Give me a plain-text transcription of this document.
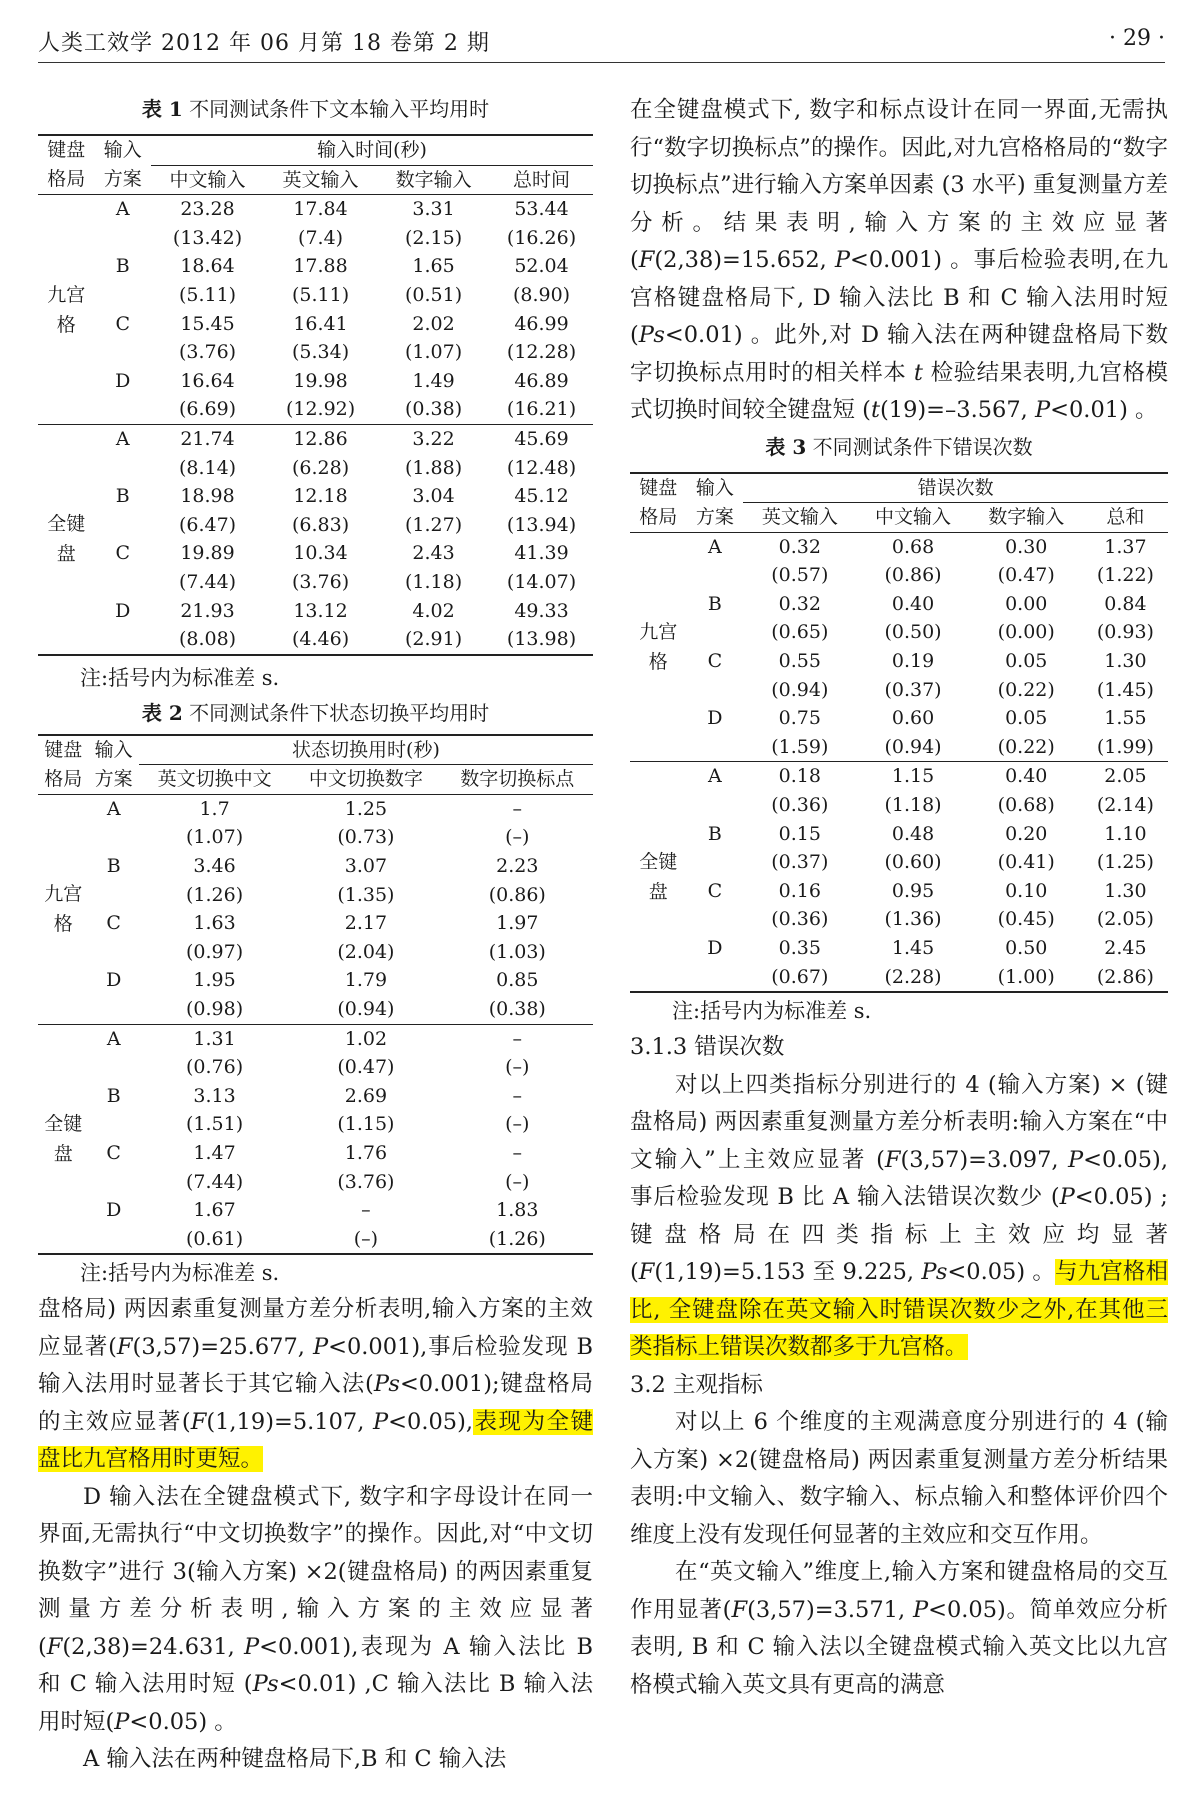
人类工效学 2012 年 06 月第 18 卷第 2 期	· 29 ·
表 1 不同测试条件下文本输入平均用时
键盘	输入	输入时间(秒)			
格局	方案	中文输入	英文输入	数字输入	总时间

九宫
格	A	23.28	17.84	3.31	53.44
		(13.42)	(7.4)	(2.15)	(16.26)
	B	18.64	17.88	1.65	52.04
		(5.11)	(5.11)	(0.51)	(8.90)
	C	15.45	16.41	2.02	46.99
		(3.76)	(5.34)	(1.07)	(12.28)
	D	16.64	19.98	1.49	46.89
		(6.69)	(12.92)	(0.38)	(16.21)

全键
盘	A	21.74	12.86	3.22	45.69
		(8.14)	(6.28)	(1.88)	(12.48)
	B	18.98	12.18	3.04	45.12
		(6.47)	(6.83)	(1.27)	(13.94)
	C	19.89	10.34	2.43	41.39
		(7.44)	(3.76)	(1.18)	(14.07)
	D	21.93	13.12	4.02	49.33
		(8.08)	(4.46)	(2.91)	(13.98)
注:括号内为标准差 s.
表 2 不同测试条件下状态切换平均用时
键盘	输入	状态切换用时(秒)		
格局	方案	英文切换中文	中文切换数字	数字切换标点

九宫
格	A	1.7	1.25	–
		(1.07)	(0.73)	(–)
	B	3.46	3.07	2.23
		(1.26)	(1.35)	(0.86)
	C	1.63	2.17	1.97
		(0.97)	(2.04)	(1.03)
	D	1.95	1.79	0.85
		(0.98)	(0.94)	(0.38)

全键
盘	A	1.31	1.02	–
		(0.76)	(0.47)	(–)
	B	3.13	2.69	–
		(1.51)	(1.15)	(–)
	C	1.47	1.76	–
		(7.44)	(3.76)	(–)
	D	1.67	–	1.83
		(0.61)	(–)	(1.26)
注:括号内为标准差 s.

盘格局) 两因素重复测量方差分析表明,输入方案的主效应显著(F(3,57)=25.677, P<0.001),事后检验发现 B 输入法用时显著长于其它输入法(Ps<0.001);键盘格局的主效应显著(F(1,19)=5.107, P<0.05),表现为全键盘比九宫格用时更短。

D 输入法在全键盘模式下, 数字和字母设计在同一界面,无需执行“中文切换数字”的操作。因此,对“中文切换数字”进行 3(输入方案) ×2(键盘格局) 的两因素重复测量方差分析表明,输入方案的主效应显著(F(2,38)=24.631, P<0.001),表现为 A 输入法比 B 和 C 输入法用时短 (Ps<0.01) ,C 输入法比 B 输入法用时短(P<0.05) 。

A 输入法在两种键盘格局下,B 和 C 输入法

在全键盘模式下, 数字和标点设计在同一界面,无需执行“数字切换标点”的操作。因此,对九宫格格局的“数字切换标点”进行输入方案单因素 (3 水平) 重复测量方差分析。结果表明,输入方案的主效应显著(F(2,38)=15.652, P<0.001) 。事后检验表明,在九宫格键盘格局下, D 输入法比 B 和 C 输入法用时短 (Ps<0.01) 。此外,对 D 输入法在两种键盘格局下数字切换标点用时的相关样本 t 检验结果表明,九宫格模式切换时间较全键盘短 (t(19)=–3.567, P<0.01) 。

表 3 不同测试条件下错误次数
键盘	输入	错误次数			
格局	方案	英文输入	中文输入	数字输入	总和

九宫
格	A	0.32	0.68	0.30	1.37
		(0.57)	(0.86)	(0.47)	(1.22)
	B	0.32	0.40	0.00	0.84
		(0.65)	(0.50)	(0.00)	(0.93)
	C	0.55	0.19	0.05	1.30
		(0.94)	(0.37)	(0.22)	(1.45)
	D	0.75	0.60	0.05	1.55
		(1.59)	(0.94)	(0.22)	(1.99)

全键
盘	A	0.18	1.15	0.40	2.05
		(0.36)	(1.18)	(0.68)	(2.14)
	B	0.15	0.48	0.20	1.10
		(0.37)	(0.60)	(0.41)	(1.25)
	C	0.16	0.95	0.10	1.30
		(0.36)	(1.36)	(0.45)	(2.05)
	D	0.35	1.45	0.50	2.45
		(0.67)	(2.28)	(1.00)	(2.86)
注:括号内为标准差 s.

3.1.3 错误次数

对以上四类指标分别进行的 4 (输入方案) × (键盘格局) 两因素重复测量方差分析表明:输入方案在“中文输入”上主效应显著 (F(3,57)=3.097, P<0.05), 事后检验发现 B 比 A 输入法错误次数少 (P<0.05) ;键盘格局在四类指标上主效应均显著 (F(1,19)=5.153 至 9.225, Ps<0.05) 。与九宫格相比, 全键盘除在英文输入时错误次数少之外,在其他三类指标上错误次数都多于九宫格。

3.2 主观指标

对以上 6 个维度的主观满意度分别进行的 4 (输入方案) ×2(键盘格局) 两因素重复测量方差分析结果表明:中文输入、数字输入、标点输入和整体评价四个维度上没有发现任何显著的主效应和交互作用。

在“英文输入”维度上,输入方案和键盘格局的交互作用显著(F(3,57)=3.571, P<0.05)。简单效应分析表明, B 和 C 输入法以全键盘模式输入英文比以九宫格模式输入英文具有更高的满意
